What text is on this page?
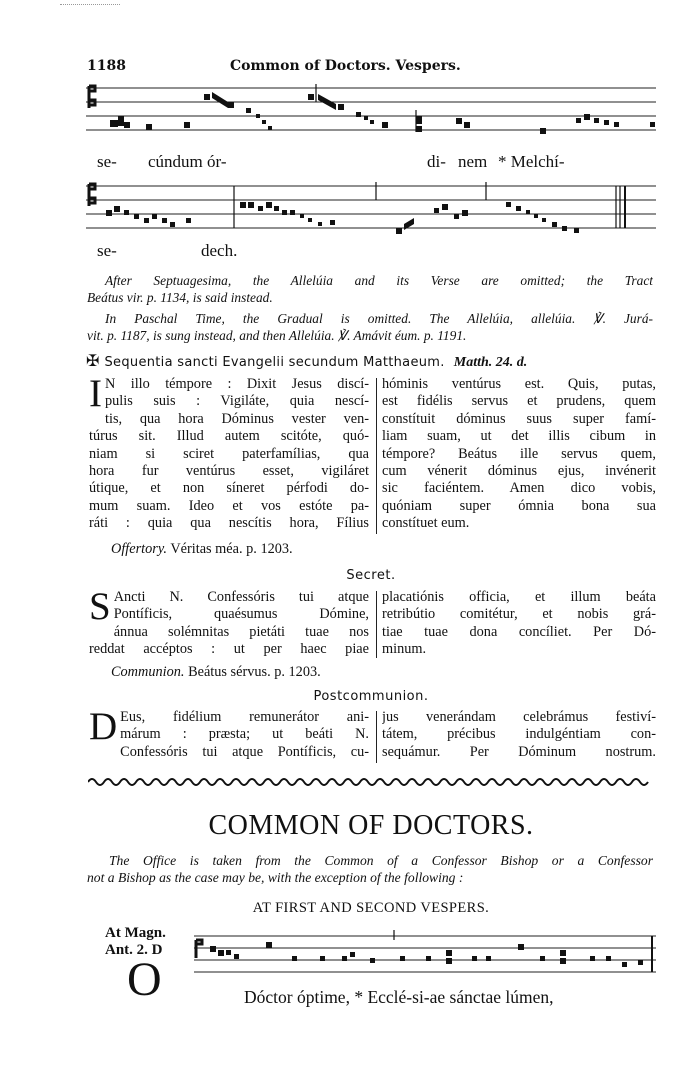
1188	Common of Doctors. Vespers.
se- cúndum ór-	di- nem * Melchí-
se-	dech.
After Septuagesima, the Allelúia and its Verse are omitted; the Tract
Beátus vir. p. 1134, is said instead.
In Paschal Time, the Gradual is omitted. The Allelúia, allelúia. ℣. Jurá-
vit. p. 1187, is sung instead, and then Allelúia. ℣. Amávit éum. p. 1191.
✠ Sequentia sancti Evangelii secundum Matthaeum. Matth. 24. d.
I N illo témpore : Dixit Jesus discí-
pulis suis : Vigiláte, quia nescí-
tis, qua hora Dóminus vester ven-
túrus sit. Illud autem scitóte, quó-
niam si sciret paterfamílias, qua
hora fur ventúrus esset, vigiláret
útique, et non síneret pérfodi do-
mum suam. Ideo et vos estóte pa-
ráti : quia qua nescítis hora, Fílius
hóminis ventúrus est. Quis, putas,
est fidélis servus et prudens, quem
constítuit dóminus suus super famí-
liam suam, ut det illis cibum in
témpore? Beátus ille servus quem,
cum vénerit dóminus ejus, invénerit
sic faciéntem. Amen dico vobis,
quóniam super ómnia bona sua
constítuet eum.
Offertory. Véritas méa. p. 1203.
Secret.
S Ancti N. Confessóris tui atque
Pontíficis, quaésumus Dómine,
ánnua solémnitas pietáti tuae nos
reddat accéptos : ut per haec piae
placatiónis officia, et illum beáta
retribútio comitétur, et nobis grá-
tiae tuae dona concíliet. Per Dó-
minum.
Communion. Beátus sérvus. p. 1203.
Postcommunion.
D Eus, fidélium remunerátor ani-
márum : præsta; ut beáti N.
Confessóris tui atque Pontíficis, cu-
jus venerándam celebrámus festiví-
tátem, précibus indulgéntiam con-
sequámur. Per Dóminum nostrum.
COMMON OF DOCTORS.
The Office is taken from the Common of a Confessor Bishop or a Confessor
not a Bishop as the case may be, with the exception of the following :
AT FIRST AND SECOND VESPERS.
At Magn.
Ant. 2. D
O	Dóctor óptime, * Ecclé-si-ae sánctae lúmen,
